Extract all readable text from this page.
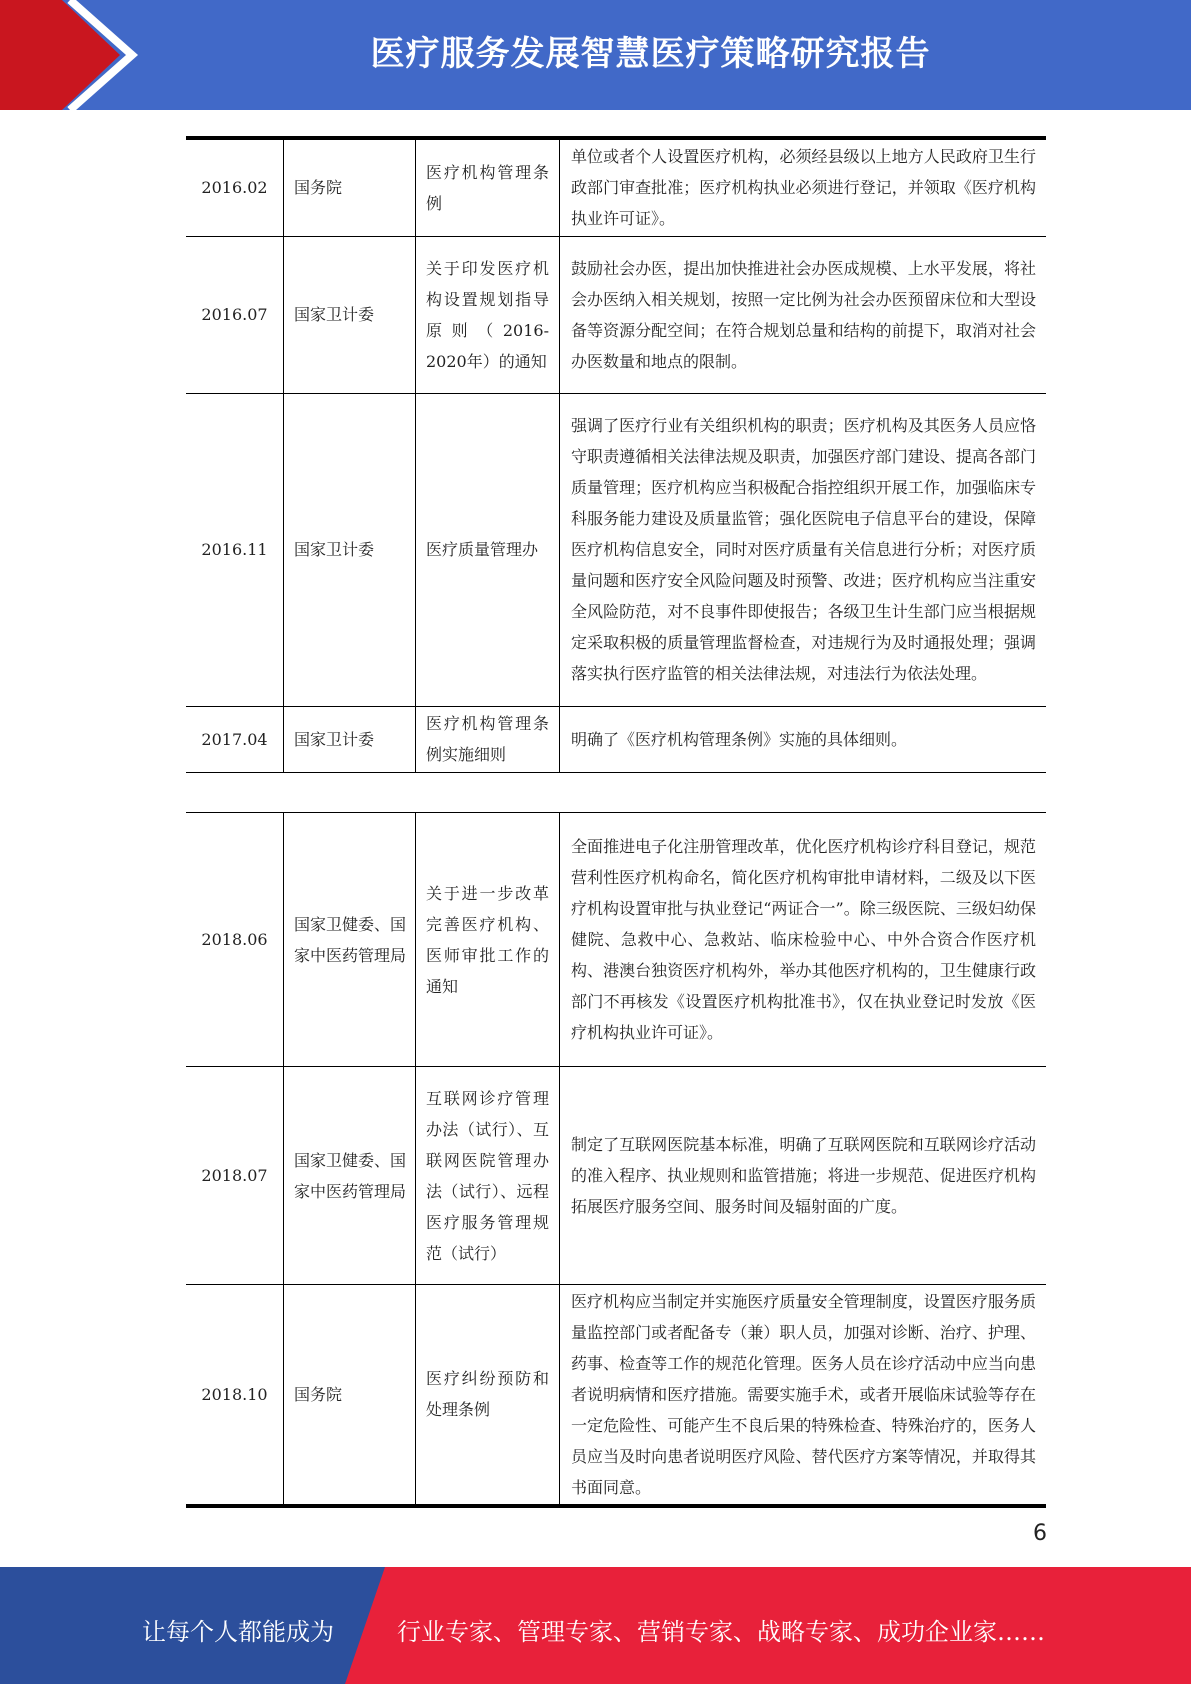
医疗服务发展智慧医疗策略研究报告
2016.02	国务院	医疗机构管理条例	单位或者个人设置医疗机构，必须经县级以上地方人民政府卫生行政部门审查批准；医疗机构执业必须进行登记，并领取《医疗机构执业许可证》。
2016.07	国家卫计委	关于印发医疗机构设置规划指导原则（2016-2020年）的通知	鼓励社会办医，提出加快推进社会办医成规模、上水平发展，将社会办医纳入相关规划，按照一定比例为社会办医预留床位和大型设备等资源分配空间；在符合规划总量和结构的前提下，取消对社会办医数量和地点的限制。
2016.11	国家卫计委	医疗质量管理办	强调了医疗行业有关组织机构的职责；医疗机构及其医务人员应恪守职责遵循相关法律法规及职责，加强医疗部门建设、提高各部门质量管理；医疗机构应当积极配合指控组织开展工作，加强临床专科服务能力建设及质量监管；强化医院电子信息平台的建设，保障医疗机构信息安全，同时对医疗质量有关信息进行分析；对医疗质量问题和医疗安全风险问题及时预警、改进；医疗机构应当注重安全风险防范，对不良事件即使报告；各级卫生计生部门应当根据规定采取积极的质量管理监督检查，对违规行为及时通报处理；强调落实执行医疗监管的相关法律法规，对违法行为依法处理。
2017.04	国家卫计委	医疗机构管理条例实施细则	明确了《医疗机构管理条例》实施的具体细则。
2018.06	国家卫健委、国家中医药管理局	关于进一步改革完善医疗机构、医师审批工作的通知	全面推进电子化注册管理改革，优化医疗机构诊疗科目登记，规范营利性医疗机构命名，简化医疗机构审批申请材料，二级及以下医疗机构设置审批与执业登记“两证合一”。除三级医院、三级妇幼保健院、急救中心、急救站、临床检验中心、中外合资合作医疗机构、港澳台独资医疗机构外，举办其他医疗机构的，卫生健康行政部门不再核发《设置医疗机构批准书》，仅在执业登记时发放《医疗机构执业许可证》。
2018.07	国家卫健委、国家中医药管理局	互联网诊疗管理办法（试行）、互联网医院管理办法（试行）、远程医疗服务管理规范（试行）	制定了互联网医院基本标准，明确了互联网医院和互联网诊疗活动的准入程序、执业规则和监管措施；将进一步规范、促进医疗机构拓展医疗服务空间、服务时间及辐射面的广度。
2018.10	国务院	医疗纠纷预防和处理条例	医疗机构应当制定并实施医疗质量安全管理制度，设置医疗服务质量监控部门或者配备专（兼）职人员，加强对诊断、治疗、护理、药事、检查等工作的规范化管理。医务人员在诊疗活动中应当向患者说明病情和医疗措施。需要实施手术，或者开展临床试验等存在一定危险性、可能产生不良后果的特殊检查、特殊治疗的，医务人员应当及时向患者说明医疗风险、替代医疗方案等情况，并取得其书面同意。
6
让每个人都能成为	行业专家、管理专家、营销专家、战略专家、成功企业家……
